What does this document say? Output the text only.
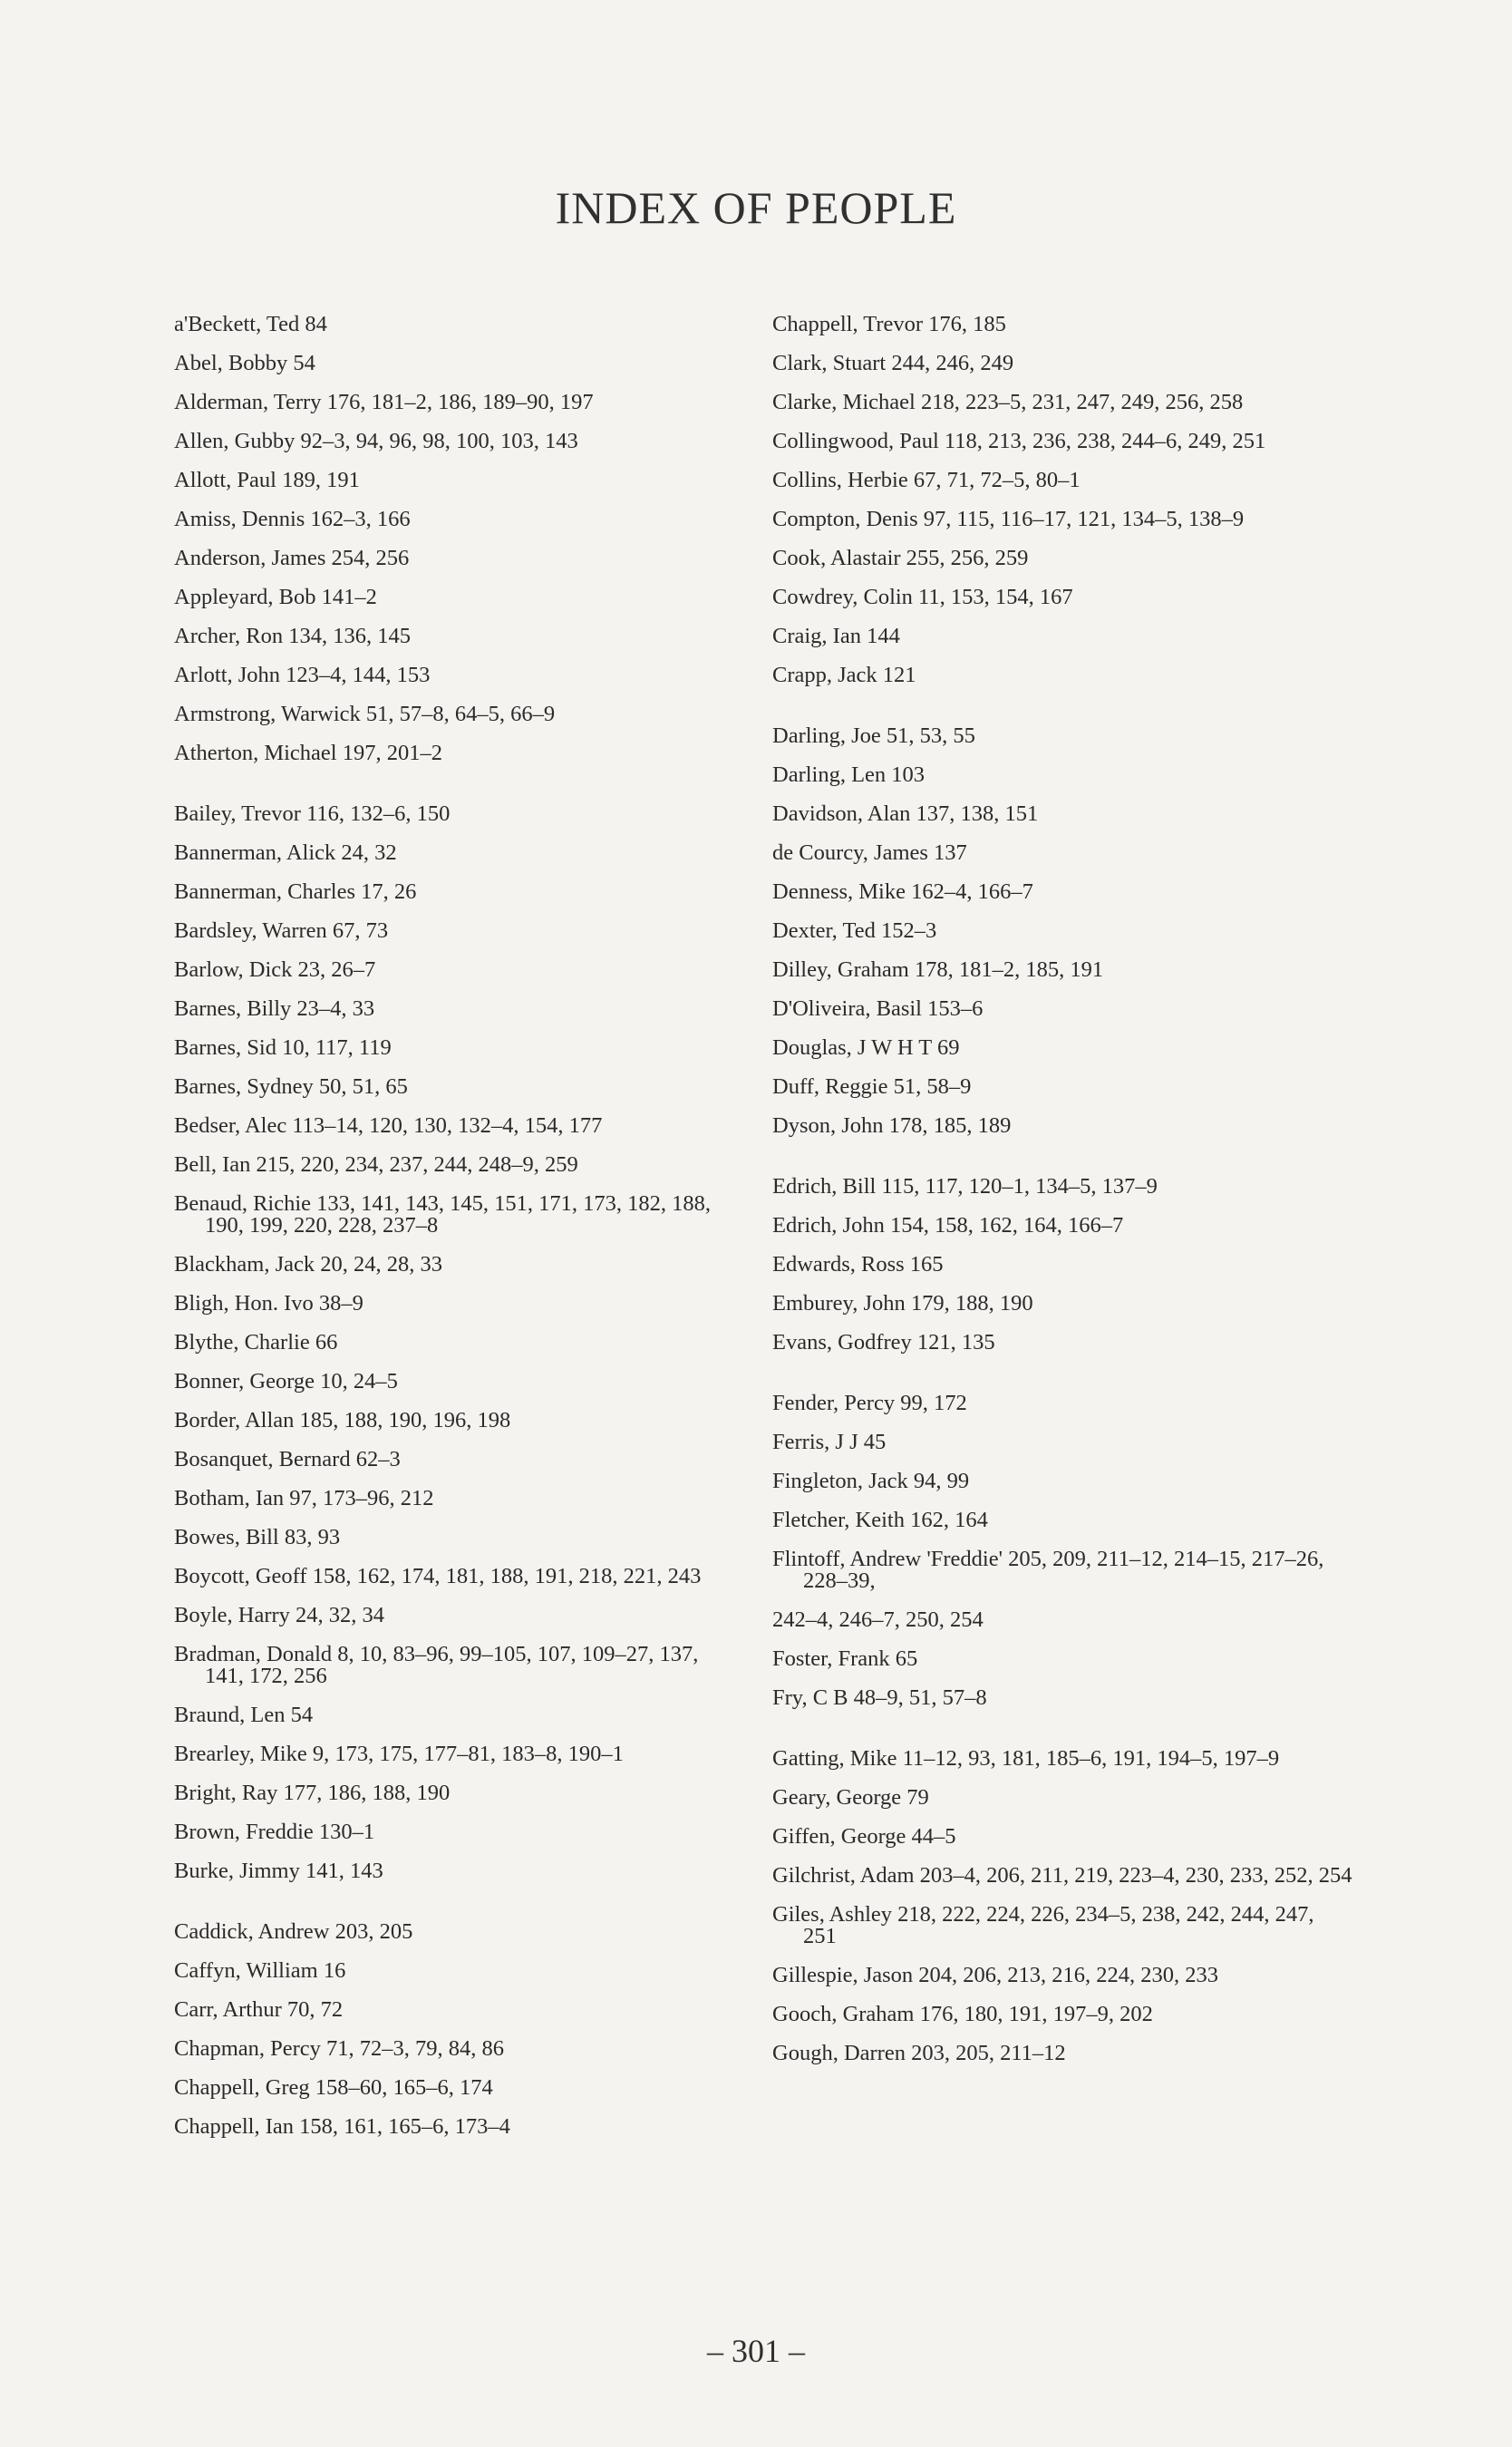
INDEX OF PEOPLE
a'Beckett, Ted 84
Abel, Bobby 54
Alderman, Terry 176, 181–2, 186, 189–90, 197
Allen, Gubby 92–3, 94, 96, 98, 100, 103, 143
Allott, Paul 189, 191
Amiss, Dennis 162–3, 166
Anderson, James 254, 256
Appleyard, Bob 141–2
Archer, Ron 134, 136, 145
Arlott, John 123–4, 144, 153
Armstrong, Warwick 51, 57–8, 64–5, 66–9
Atherton, Michael 197, 201–2
Bailey, Trevor 116, 132–6, 150
Bannerman, Alick 24, 32
Bannerman, Charles 17, 26
Bardsley, Warren 67, 73
Barlow, Dick 23, 26–7
Barnes, Billy 23–4, 33
Barnes, Sid 10, 117, 119
Barnes, Sydney 50, 51, 65
Bedser, Alec 113–14, 120, 130, 132–4, 154, 177
Bell, Ian 215, 220, 234, 237, 244, 248–9, 259
Benaud, Richie 133, 141, 143, 145, 151, 171, 173, 182, 188, 190, 199, 220, 228, 237–8
Blackham, Jack 20, 24, 28, 33
Bligh, Hon. Ivo 38–9
Blythe, Charlie 66
Bonner, George 10, 24–5
Border, Allan 185, 188, 190, 196, 198
Bosanquet, Bernard 62–3
Botham, Ian 97, 173–96, 212
Bowes, Bill 83, 93
Boycott, Geoff 158, 162, 174, 181, 188, 191, 218, 221, 243
Boyle, Harry 24, 32, 34
Bradman, Donald 8, 10, 83–96, 99–105, 107, 109–27, 137, 141, 172, 256
Braund, Len 54
Brearley, Mike 9, 173, 175, 177–81, 183–8, 190–1
Bright, Ray 177, 186, 188, 190
Brown, Freddie 130–1
Burke, Jimmy 141, 143
Caddick, Andrew 203, 205
Caffyn, William 16
Carr, Arthur 70, 72
Chapman, Percy 71, 72–3, 79, 84, 86
Chappell, Greg 158–60, 165–6, 174
Chappell, Ian 158, 161, 165–6, 173–4
Chappell, Trevor 176, 185
Clark, Stuart 244, 246, 249
Clarke, Michael 218, 223–5, 231, 247, 249, 256, 258
Collingwood, Paul 118, 213, 236, 238, 244–6, 249, 251
Collins, Herbie 67, 71, 72–5, 80–1
Compton, Denis 97, 115, 116–17, 121, 134–5, 138–9
Cook, Alastair 255, 256, 259
Cowdrey, Colin 11, 153, 154, 167
Craig, Ian 144
Crapp, Jack 121
Darling, Joe 51, 53, 55
Darling, Len 103
Davidson, Alan 137, 138, 151
de Courcy, James 137
Denness, Mike 162–4, 166–7
Dexter, Ted 152–3
Dilley, Graham 178, 181–2, 185, 191
D'Oliveira, Basil 153–6
Douglas, J W H T 69
Duff, Reggie 51, 58–9
Dyson, John 178, 185, 189
Edrich, Bill 115, 117, 120–1, 134–5, 137–9
Edrich, John 154, 158, 162, 164, 166–7
Edwards, Ross 165
Emburey, John 179, 188, 190
Evans, Godfrey 121, 135
Fender, Percy 99, 172
Ferris, J J 45
Fingleton, Jack 94, 99
Fletcher, Keith 162, 164
Flintoff, Andrew 'Freddie' 205, 209, 211–12, 214–15, 217–26, 228–39,
242–4, 246–7, 250, 254
Foster, Frank 65
Fry, C B 48–9, 51, 57–8
Gatting, Mike 11–12, 93, 181, 185–6, 191, 194–5, 197–9
Geary, George 79
Giffen, George 44–5
Gilchrist, Adam 203–4, 206, 211, 219, 223–4, 230, 233, 252, 254
Giles, Ashley 218, 222, 224, 226, 234–5, 238, 242, 244, 247, 251
Gillespie, Jason 204, 206, 213, 216, 224, 230, 233
Gooch, Graham 176, 180, 191, 197–9, 202
Gough, Darren 203, 205, 211–12
– 301 –
